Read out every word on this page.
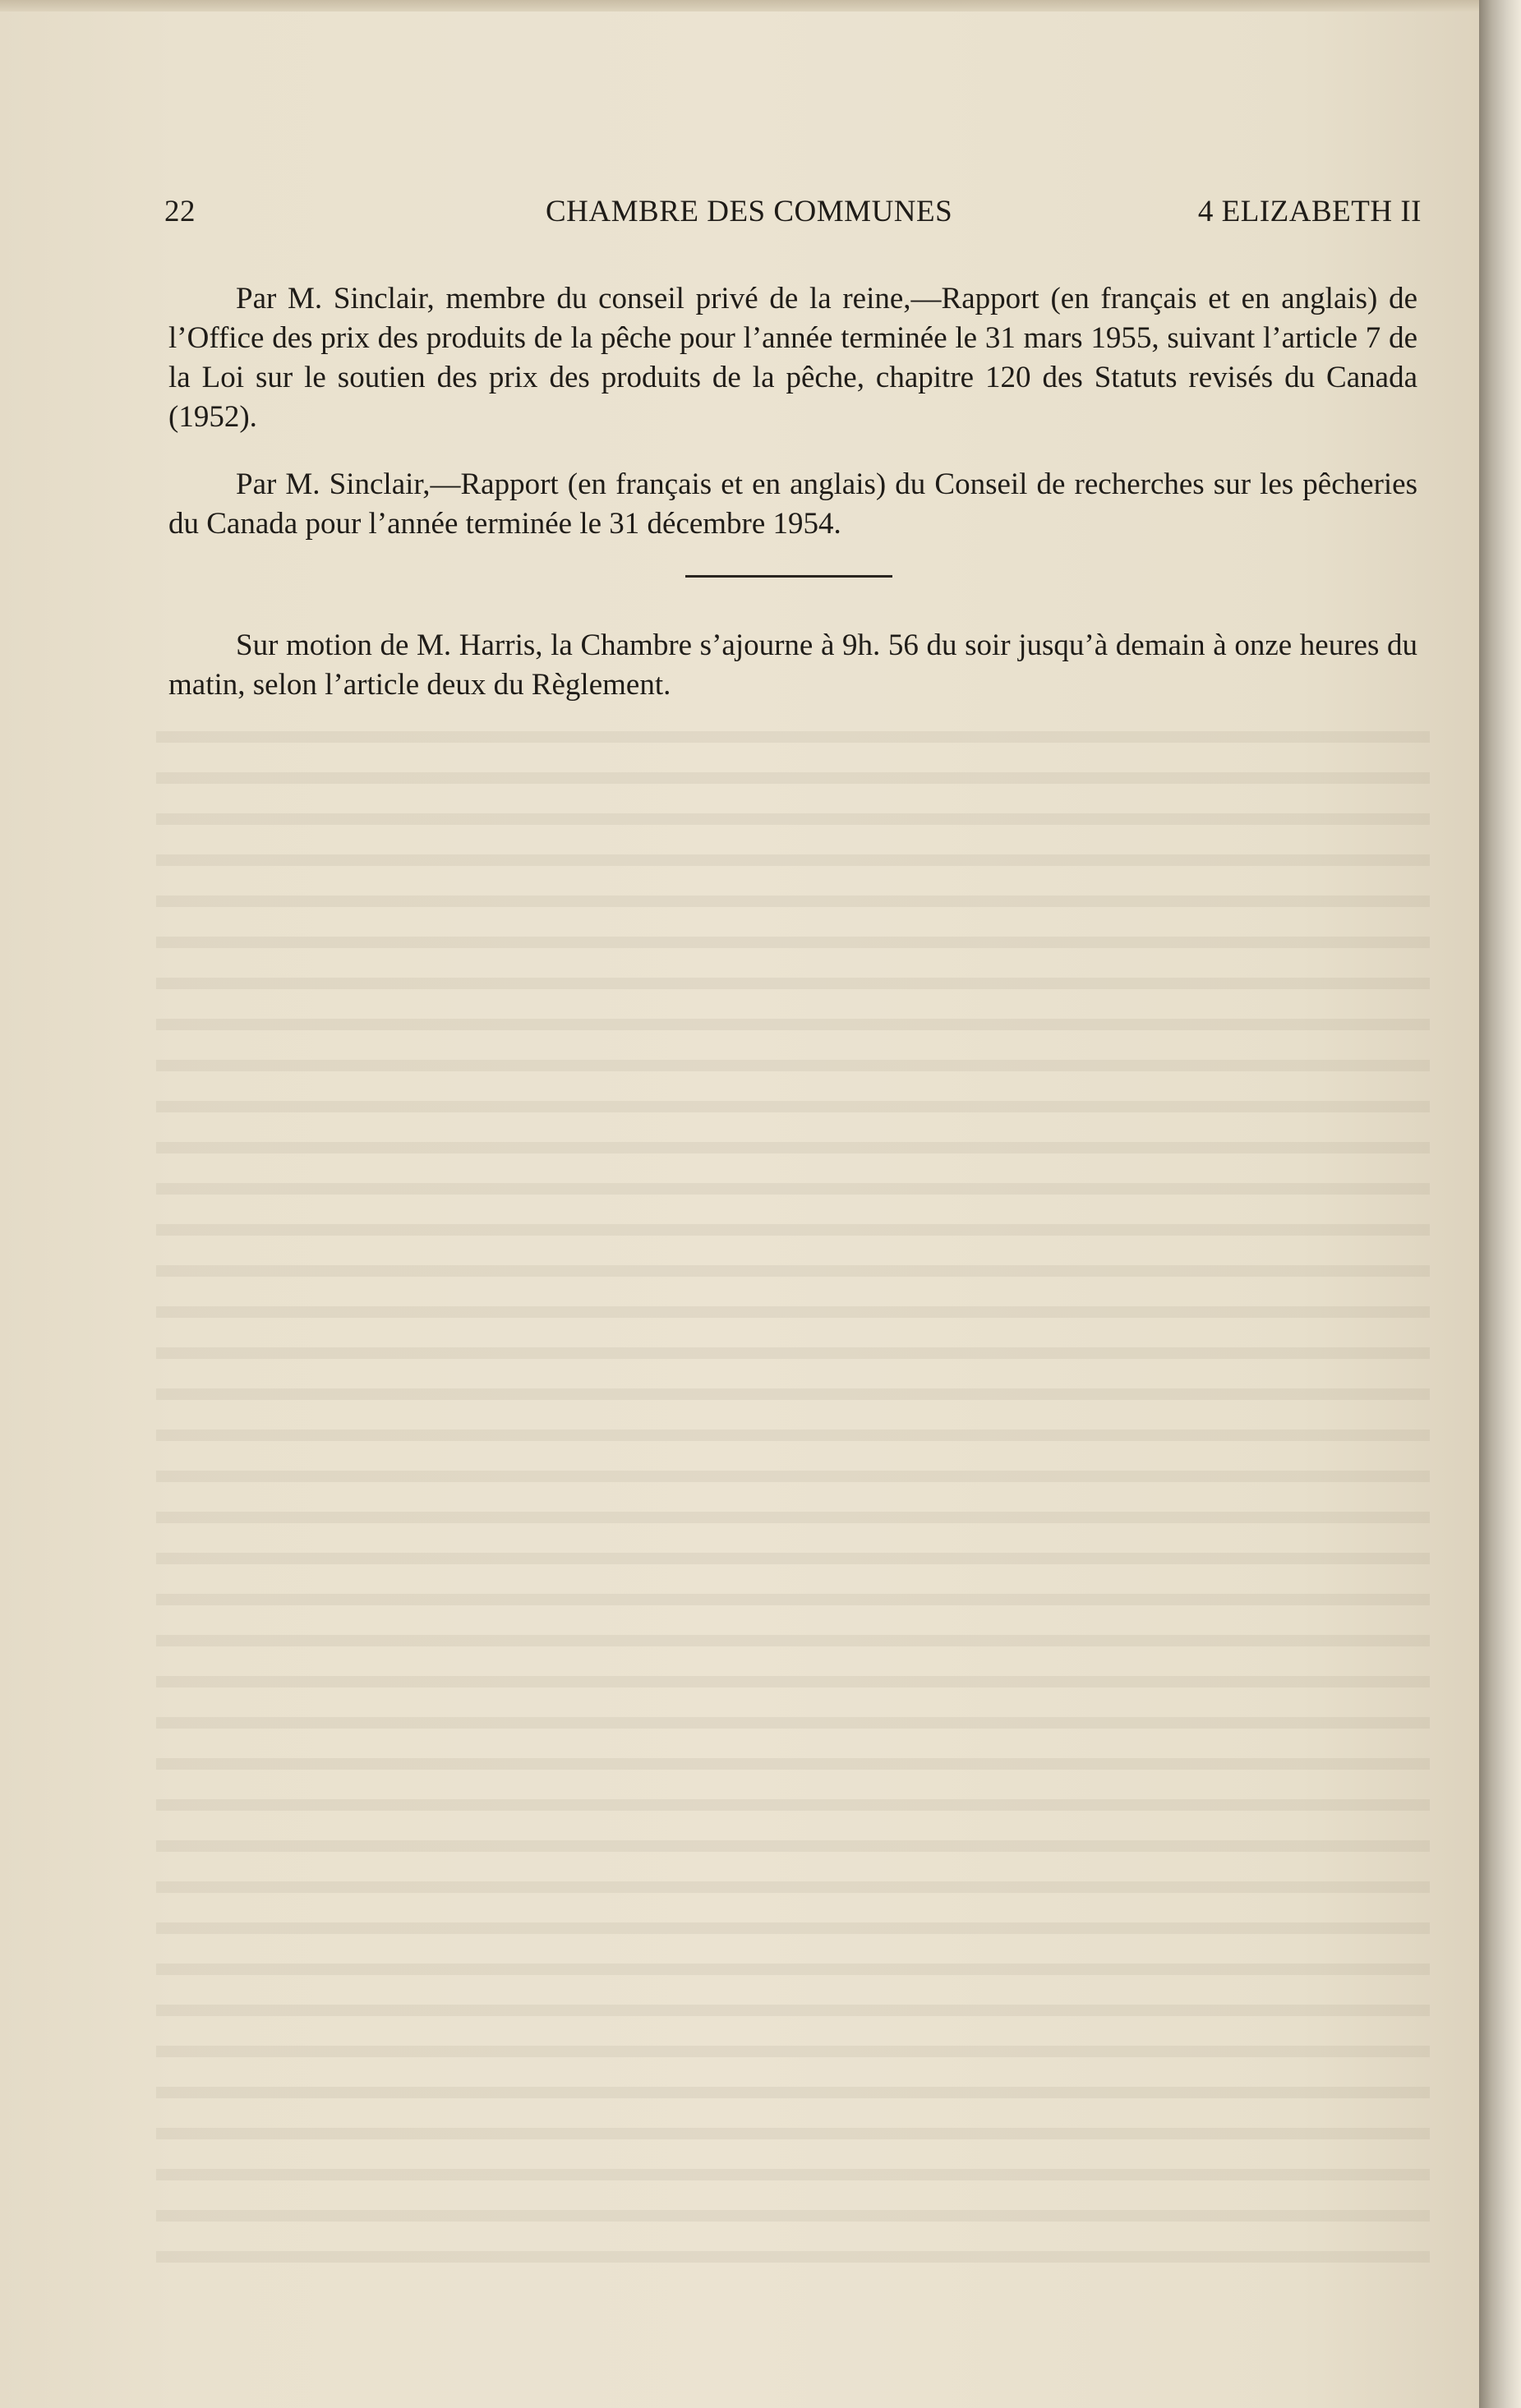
22	CHAMBRE DES COMMUNES	4 ELIZABETH II

Par M. Sinclair, membre du conseil privé de la reine,—Rapport (en français et en anglais) de l’Office des prix des produits de la pêche pour l’année terminée le 31 mars 1955, suivant l’article 7 de la Loi sur le soutien des prix des produits de la pêche, chapitre 120 des Statuts revisés du Canada (1952).

Par M. Sinclair,—Rapport (en français et en anglais) du Conseil de recherches sur les pêcheries du Canada pour l’année terminée le 31 décembre 1954.

Sur motion de M. Harris, la Chambre s’ajourne à 9h. 56 du soir jusqu’à demain à onze heures du matin, selon l’article deux du Règlement.
